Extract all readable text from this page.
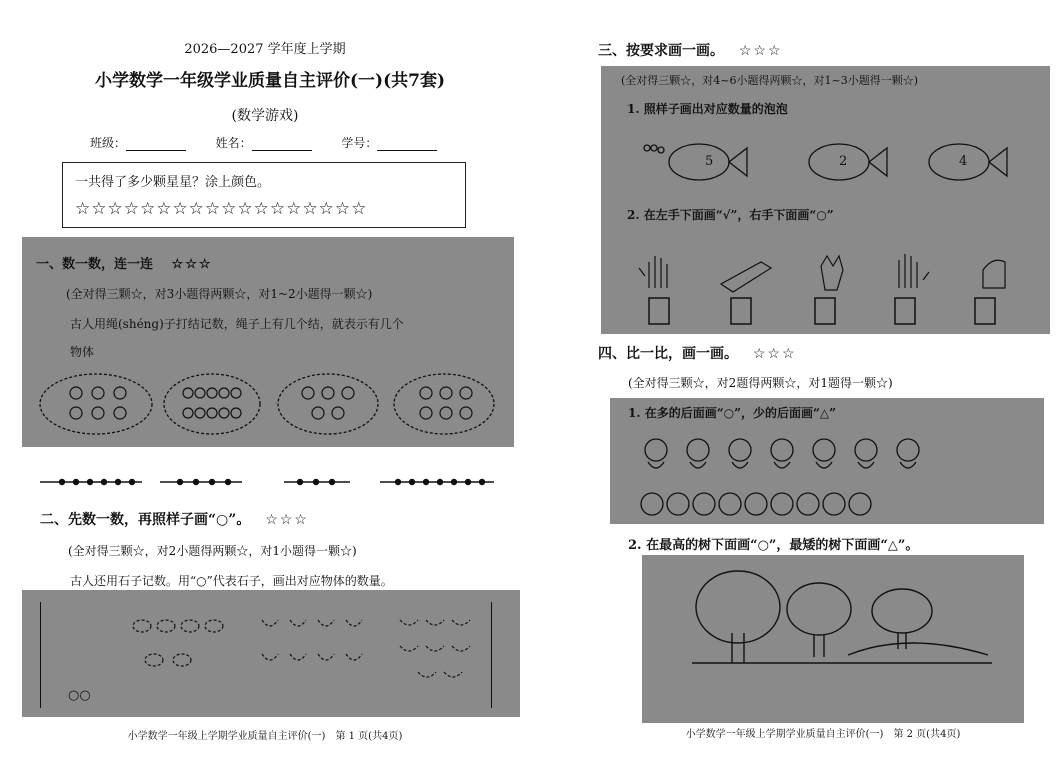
2026—2027 学年度上学期
小学数学一年级学业质量自主评价(一)(共7套)
(数学游戏)
班级：	姓名：	学号：
一共得了多少颗星星？涂上颜色。
☆☆☆☆☆☆☆☆☆☆☆☆☆☆☆☆☆☆
一、数一数，连一连 ☆☆☆
(全对得三颗☆，对3小题得两颗☆，对1~2小题得一颗☆)
古人用绳(shéng)子打结记数，绳子上有几个结，就表示有几个
物体
二、先数一数，再照样子画“○”。 ☆☆☆
(全对得三颗☆，对2小题得两颗☆，对1小题得一颗☆)
古人还用石子记数。用“○”代表石子，画出对应物体的数量。
○○
小学数学一年级上学期学业质量自主评价(一)　第 1 页(共4页)
三、按要求画一画。 ☆☆☆
(全对得三颗☆，对4~6小题得两颗☆，对1~3小题得一颗☆)
1. 照样子画出对应数量的泡泡
5	2	4
2. 在左手下面画“√”，右手下面画“○”
四、比一比，画一画。 ☆☆☆
(全对得三颗☆，对2题得两颗☆，对1题得一颗☆)
1. 在多的后面画“○”，少的后面画“△”
2. 在最高的树下面画“○”，最矮的树下面画“△”。
小学数学一年级上学期学业质量自主评价(一)　第 2 页(共4页)
